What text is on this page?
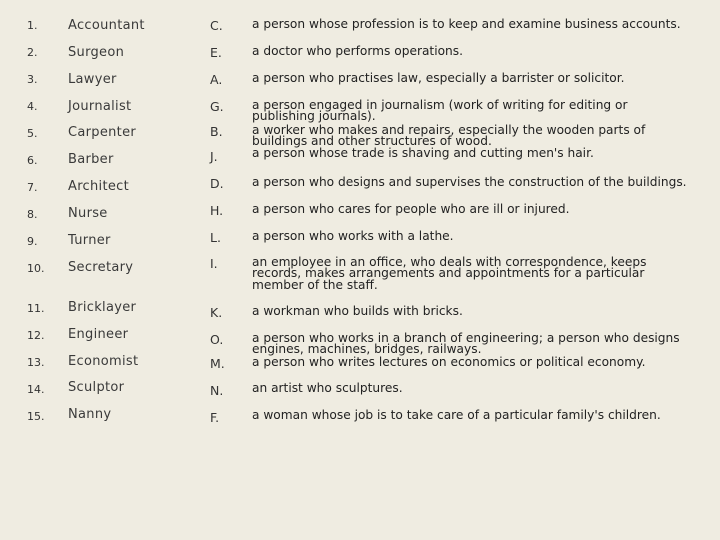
1 .
2 .
3 .
4 .
5 .
6 .
7 .
8 .
9 .
10 .
11 .
12 .
13 .
14 .
15 .
Accountant
Surgeon
Lawyer
Journalist
Carpenter
Barber
Architect
Nurse
Turner
Secretary
Bricklayer
Engineer
Economist
Sculptor
Nanny
C.
E.
A.
G.
B.
J.
D.
H.
L.
I.
K.
O.
M.
N.
F.
a person whose profession is to keep and examine business accounts.
a doctor who performs operations.
a person who practises law, especially a barrister or solicitor.
a person engaged in journalism (work of writing for editing or publishing journals).
a worker who makes and repairs, especially the wooden parts of buildings and other structures of wood.
a person whose trade is shaving and cutting men's hair.
a person who designs and supervises the construction of the buildings.
a person who cares for people who are ill or injured.
a person who works with a lathe.
an employee in an office, who deals with correspondence, keeps records, makes arrangements and appointments for a particular member of the staff.
a workman who builds with bricks.
a person who works in a branch of engineering; a person who designs engines, machines, bridges, railways.
a person who writes lectures on economics or political economy.
an artist who sculptures.
a woman whose job is to take care of a particular family's children.
